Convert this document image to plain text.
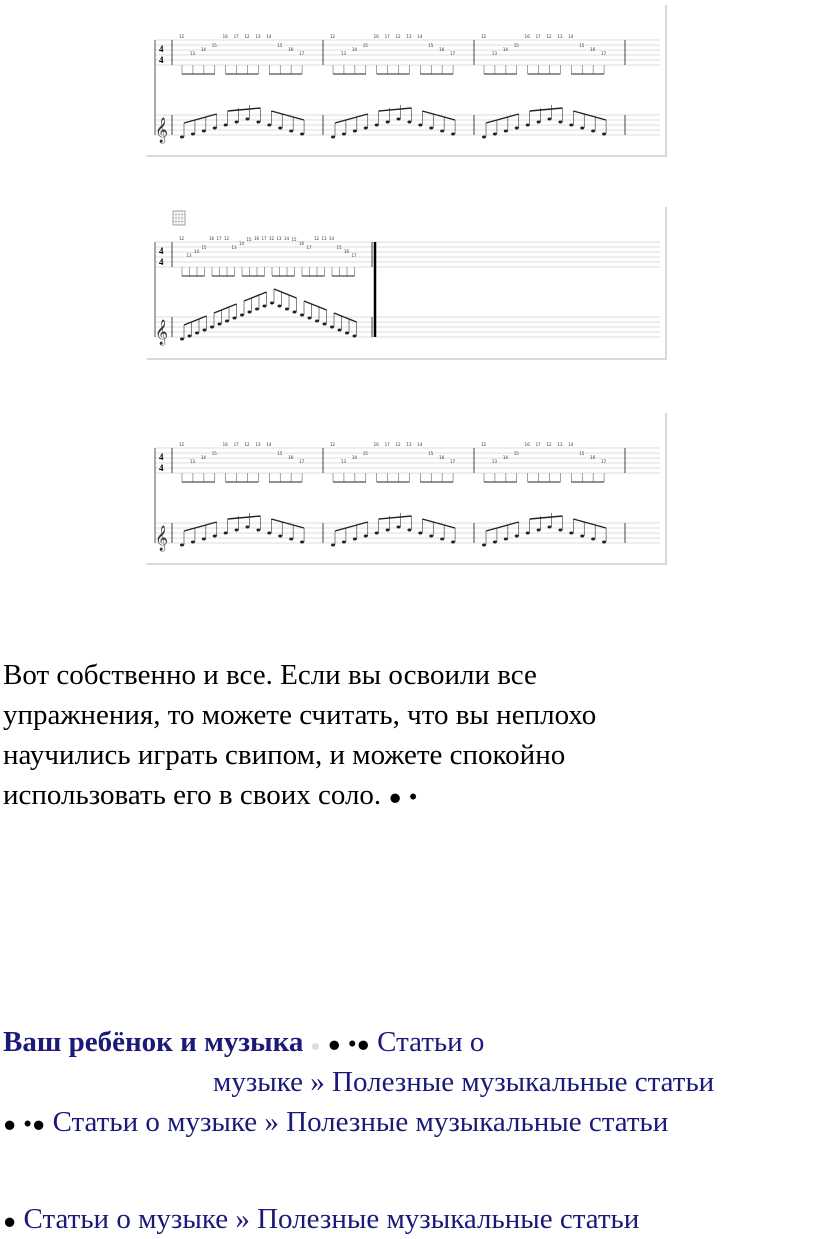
4
4
𝄞
12
13
14
15
16 17 12 13 14
15
16
17
12
13
14
15
16 17 12 13 14
15
16
17
12
13
14
15
16 17 12 13 14
15
16
17
4
4
𝄞
12
13
14
15
16 17 12
13
14
15 16 17 12 13 14 15
16
17
12 13 14
15
16
17
4
4
𝄞
12
13
14
15
16 17 12 13 14
15
16
17
12
13
14
15
16 17 12 13 14
15
16
17
12
13
14
15
16 17 12 13 14
15
16
17
Вот собственно и все. Если вы освоили все
упражнения, то можете считать, что вы неплохо
научились играть свипом, и можете спокойно
использовать его в своих соло. ● ●
Ваш ребёнок и музыка ● ● ●● Статьи о
музыке » Полезные музыкальные статьи
● ●● Статьи о музыке » Полезные музыкальные статьи
● Статьи о музыке » Полезные музыкальные статьи
